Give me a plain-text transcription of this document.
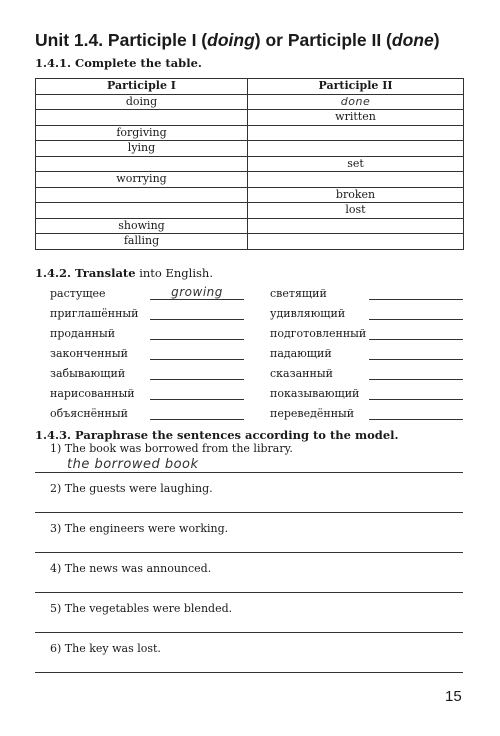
Unit 1.4. Participle I (doing) or Participle II (done)
1.4.1. Complete the table.
Participle I	Participle II
doing	done
	written
forgiving	
lying	
	set
worrying	
	broken
	lost
showing	
falling	
1.4.2. Translate into English.
растущее	growing
приглашённый
проданный
законченный
забывающий
нарисованный
объяснённый
светящий
удивляющий
подготовленный
падающий
сказанный
показывающий
переведённый
1.4.3. Paraphrase the sentences according to the model.
1) The book was borrowed from the library.
the borrowed book
2) The guests were laughing.
3) The engineers were working.
4) The news was announced.
5) The vegetables were blended.
6) The key was lost.
15
